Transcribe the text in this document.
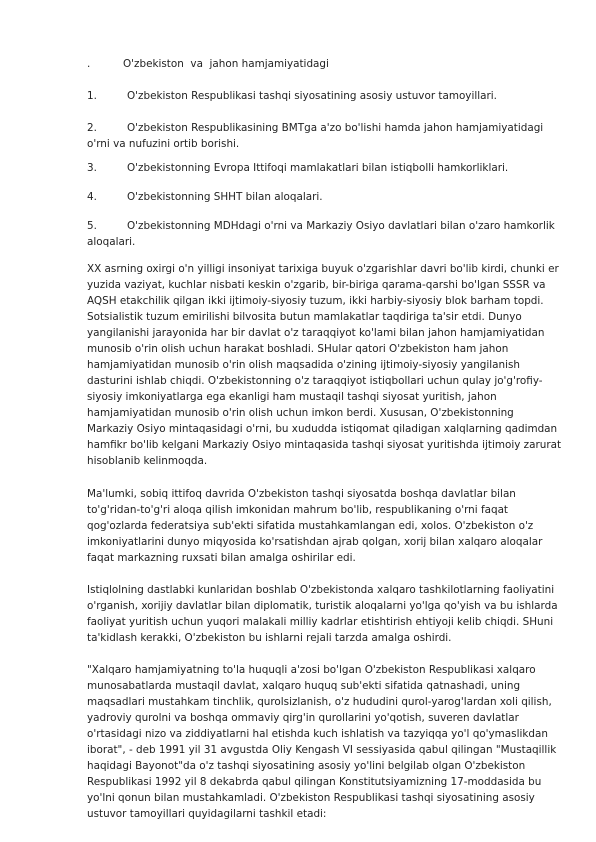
.	O'zbekiston  va  jahon hamjamiyatidagi
1.	O'zbekiston Respublikasi tashqi siyosatining asosiy ustuvor tamoyillari.
2.	O'zbekiston Respublikasining BMTga a'zo bo'lishi hamda jahon hamjamiyatidagi
o'rni va nufuzini ortib borishi.
3.	O'zbekistonning Evropa Ittifoqi mamlakatlari bilan istiqbolli hamkorliklari.
4.	O'zbekistonning SHHT bilan aloqalari.
5.	O'zbekistonning MDHdagi o'rni va Markaziy Osiyo davlatlari bilan o'zaro hamkorlik
aloqalari.

XX asrning oxirgi o'n yilligi insoniyat tarixiga buyuk o'zgarishlar davri bo'lib kirdi, chunki er

yuzida vaziyat, kuchlar nisbati keskin o'zgarib, bir-biriga qarama-qarshi bo'lgan SSSR va

AQSH etakchilik qilgan ikki ijtimoiy-siyosiy tuzum, ikki harbiy-siyosiy blok barham topdi.

Sotsialistik tuzum emirilishi bilvosita butun mamlakatlar taqdiriga ta'sir etdi. Dunyo

yangilanishi jarayonida har bir davlat o'z taraqqiyot ko'lami bilan jahon hamjamiyatidan

munosib o'rin olish uchun harakat boshladi. SHular qatori O'zbekiston ham jahon

hamjamiyatidan munosib o'rin olish maqsadida o'zining ijtimoiy-siyosiy yangilanish

dasturini ishlab chiqdi. O'zbekistonning o'z taraqqiyot istiqbollari uchun qulay jo'g'rofiy-

siyosiy imkoniyatlarga ega ekanligi ham mustaqil tashqi siyosat yuritish, jahon

hamjamiyatidan munosib o'rin olish uchun imkon berdi. Xususan, O'zbekistonning

Markaziy Osiyo mintaqasidagi o'rni, bu xududda istiqomat qiladigan xalqlarning qadimdan

hamfikr bo'lib kelgani Markaziy Osiyo mintaqasida tashqi siyosat yuritishda ijtimoiy zarurat

hisoblanib kelinmoqda.

Ma'lumki, sobiq ittifoq davrida O'zbekiston tashqi siyosatda boshqa davlatlar bilan

to'g'ridan-to'g'ri aloqa qilish imkonidan mahrum bo'lib, respublikaning o'rni faqat

qog'ozlarda federatsiya sub'ekti sifatida mustahkamlangan edi, xolos. O'zbekiston o'z

imkoniyatlarini dunyo miqyosida ko'rsatishdan ajrab qolgan, xorij bilan xalqaro aloqalar

faqat markazning ruxsati bilan amalga oshirilar edi.

Istiqlolning dastlabki kunlaridan boshlab O'zbekistonda xalqaro tashkilotlarning faoliyatini

o'rganish, xorijiy davlatlar bilan diplomatik, turistik aloqalarni yo'lga qo'yish va bu ishlarda

faoliyat yuritish uchun yuqori malakali milliy kadrlar etishtirish ehtiyoji kelib chiqdi. SHuni

ta'kidlash kerakki, O'zbekiston bu ishlarni rejali tarzda amalga oshirdi.

"Xalqaro hamjamiyatning to'la huquqli a'zosi bo'lgan O'zbekiston Respublikasi xalqaro

munosabatlarda mustaqil davlat, xalqaro huquq sub'ekti sifatida qatnashadi, uning

maqsadlari mustahkam tinchlik, qurolsizlanish, o'z hududini qurol-yarog'lardan xoli qilish,

yadroviy qurolni va boshqa ommaviy qirg'in qurollarini yo'qotish, suveren davlatlar

o'rtasidagi nizo va ziddiyatlarni hal etishda kuch ishlatish va tazyiqqa yo'l qo'ymaslikdan

iborat", - deb 1991 yil 31 avgustda Oliy Kengash VI sessiyasida qabul qilingan "Mustaqillik

haqidagi Bayonot"da o'z tashqi siyosatining asosiy yo'lini belgilab olgan O'zbekiston

Respublikasi 1992 yil 8 dekabrda qabul qilingan Konstitutsiyamizning 17-moddasida bu

yo'lni qonun bilan mustahkamladi. O'zbekiston Respublikasi tashqi siyosatining asosiy

ustuvor tamoyillari quyidagilarni tashkil etadi:
